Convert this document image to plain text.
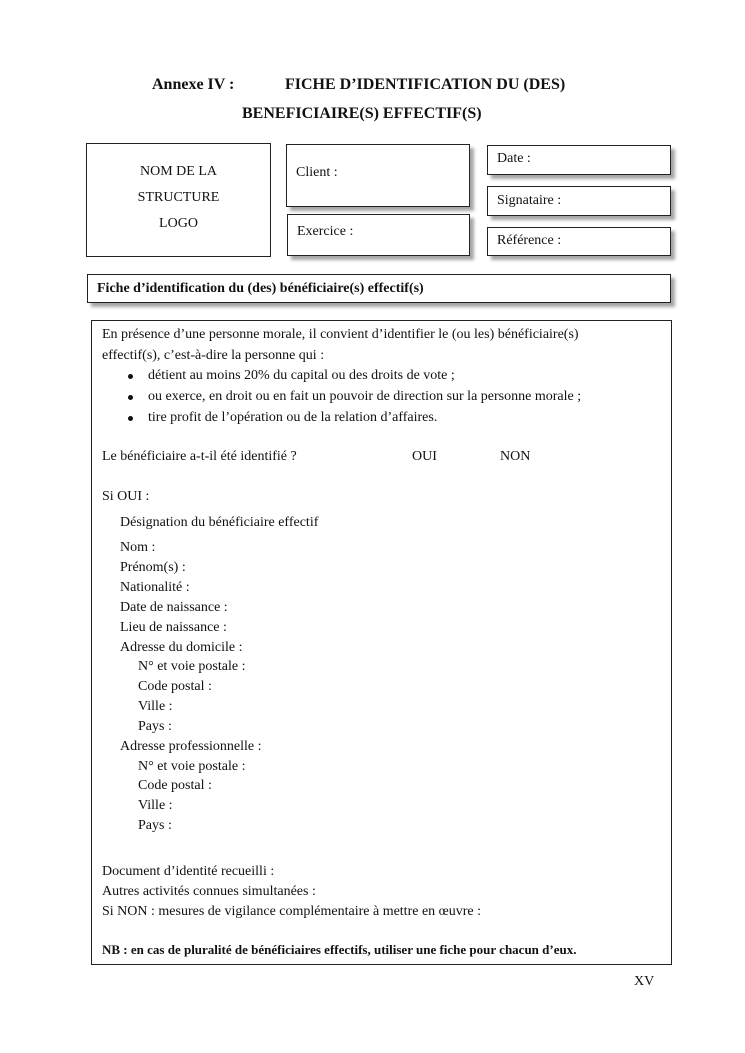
Annexe IV :	FICHE D’IDENTIFICATION DU (DES)
BENEFICIAIRE(S) EFFECTIF(S)
NOM DE LA
STRUCTURE
LOGO
Client :
Exercice :
Date :
Signataire :
Référence :
Fiche d’identification du (des) bénéficiaire(s) effectif(s)
En présence d’une personne morale, il convient d’identifier le (ou les) bénéficiaire(s)
effectif(s), c’est-à-dire la personne qui :
détient au moins 20% du capital ou des droits de vote ;
ou exerce, en droit ou en fait un pouvoir de direction sur la personne morale ;
tire profit de l’opération ou de la relation d’affaires.
Le bénéficiaire a-t-il été identifié ?	OUI	NON
Si OUI :
Désignation du bénéficiaire effectif
Nom :
Prénom(s) :
Nationalité :
Date de naissance :
Lieu de naissance :
Adresse du domicile :
N° et voie postale :
Code postal :
Ville :
Pays :
Adresse professionnelle :
N° et voie postale :
Code postal :
Ville :
Pays :
Document d’identité recueilli :
Autres activités connues simultanées :
Si NON : mesures de vigilance complémentaire à mettre en œuvre :
NB : en cas de pluralité de bénéficiaires effectifs, utiliser une fiche pour chacun d’eux.
XV
